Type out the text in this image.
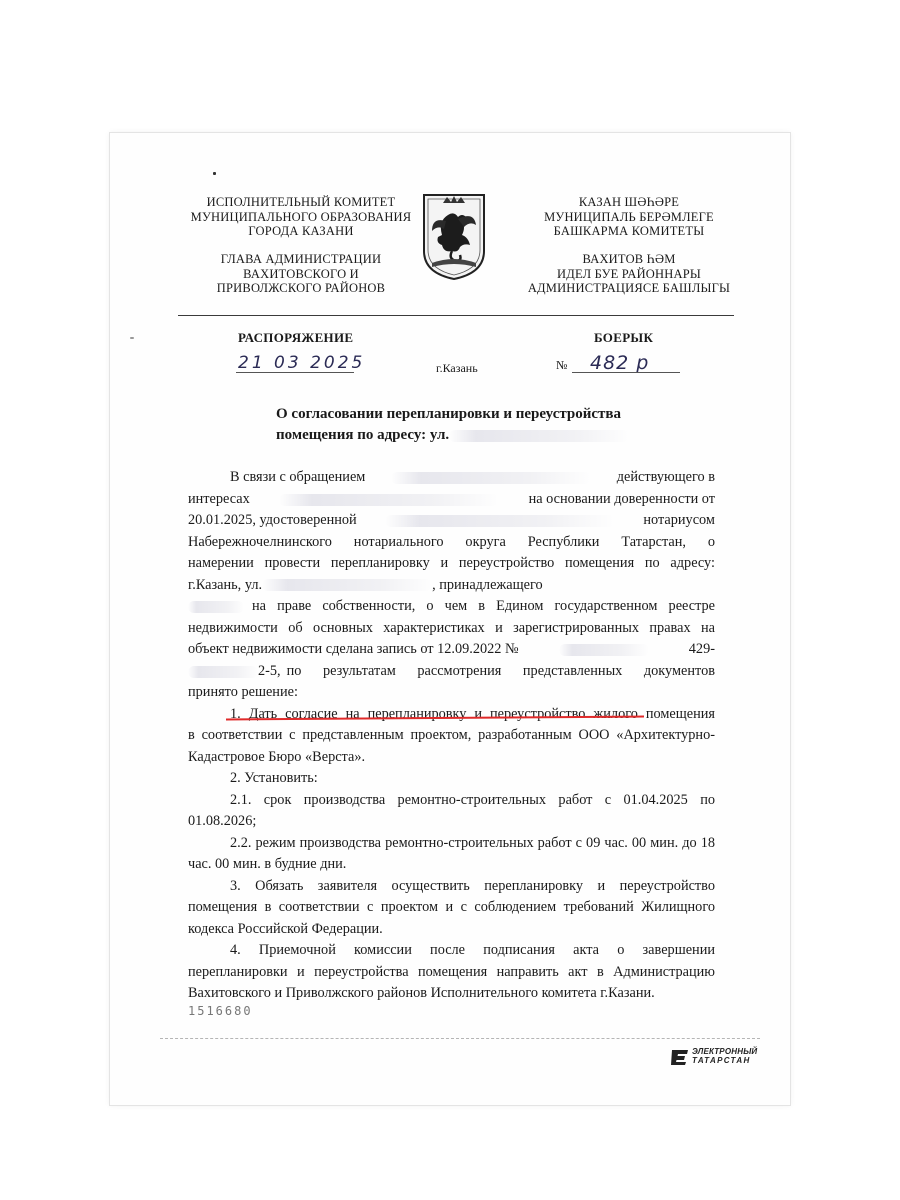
ИСПОЛНИТЕЛЬНЫЙ КОМИТЕТ
МУНИЦИПАЛЬНОГО ОБРАЗОВАНИЯ
ГОРОДА КАЗАНИ
ГЛАВА АДМИНИСТРАЦИИ
ВАХИТОВСКОГО И
ПРИВОЛЖСКОГО РАЙОНОВ
КАЗАН ШӘҺӘРЕ
МУНИЦИПАЛЬ БЕРӘМЛЕГЕ
БАШКАРМА КОМИТЕТЫ
ВАХИТОВ ҺӘМ
ИДЕЛ БУЕ РАЙОННАРЫ
АДМИНИСТРАЦИЯСЕ БАШЛЫГЫ
РАСПОРЯЖЕНИЕ	БОЕРЫК
21 03 2025	г.Казань	№ 482 р
О согласовании перепланировки и переустройства
помещения по адресу: ул.

В связи с обращением	действующего в

интересах	на основании доверенности от

20.01.2025, удостоверенной	нотариусом

Набережночелнинского нотариального округа Республики Татарстан, о

намерении провести перепланировку и переустройство помещения по адресу:

г.Казань, ул.	, принадлежащего

на праве собственности, о чем в Едином государственном реестре

недвижимости об основных характеристиках и зарегистрированных правах на

объект недвижимости сделана запись от 12.09.2022 №	429-

2-5, по результатам рассмотрения представленных документов

принято решение:

1. Дать согласие на перепланировку и переустройство жилого помещения

в соответствии с представленным проектом, разработанным ООО «Архитектурно-Кадастровое Бюро «Верста».

2. Установить:

2.1. срок производства ремонтно-строительных работ с 01.04.2025 по 01.08.2026;

2.2. режим производства ремонтно-строительных работ с 09 час. 00 мин. до 18 час. 00 мин. в будние дни.

3. Обязать заявителя осуществить перепланировку и переустройство помещения в соответствии с проектом и с соблюдением требований Жилищного кодекса Российской Федерации.

4. Приемочной комиссии после подписания акта о завершении перепланировки и переустройства помещения направить акт в Администрацию Вахитовского и Приволжского районов Исполнительного комитета г.Казани.

1516680
ЭЛЕКТРОННЫЙ
ТАТАРСТАН
